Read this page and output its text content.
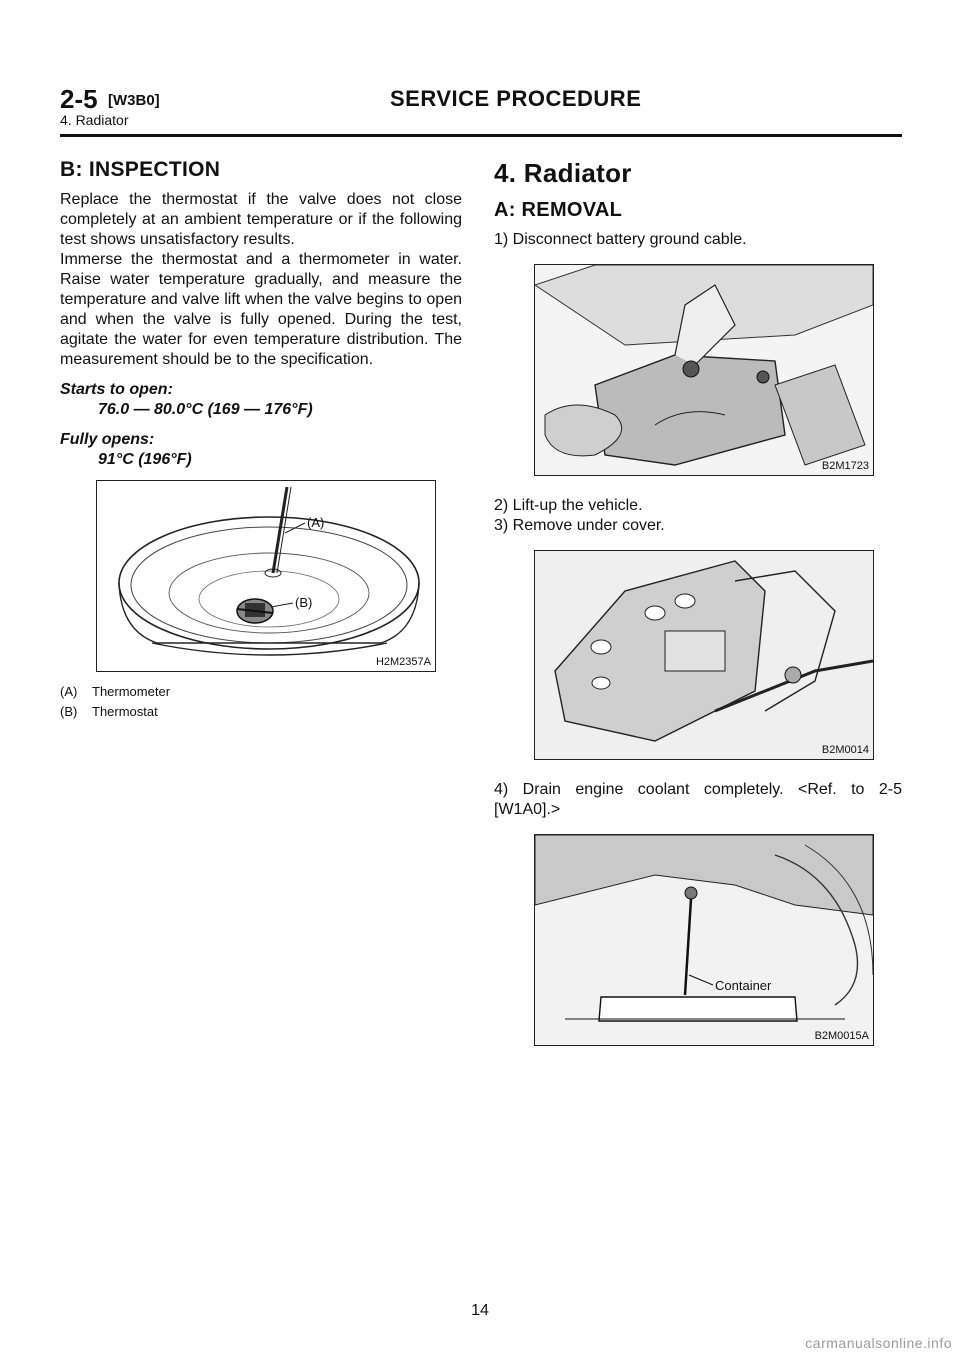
2-5 [W3B0]	SERVICE PROCEDURE
4. Radiator
B: INSPECTION

Replace the thermostat if the valve does not close completely at an ambient temperature or if the following test shows unsatisfactory results.

Immerse the thermostat and a thermometer in water. Raise water temperature gradually, and measure the temperature and valve lift when the valve begins to open and when the valve is fully opened. During the test, agitate the water for even temperature distribution. The measurement should be to the specification.

Starts to open:

76.0 — 80.0°C (169 — 176°F)

Fully opens:

91°C (196°F)

(A)
(B)
H2M2357A

(A) Thermometer

(B) Thermostat

4. Radiator
A: REMOVAL

1) Disconnect battery ground cable.

B2M1723

2) Lift-up the vehicle.

3) Remove under cover.

B2M0014

4) Drain engine coolant completely. <Ref. to 2-5 [W1A0].>

Container
B2M0015A
14
carmanualsonline.info
